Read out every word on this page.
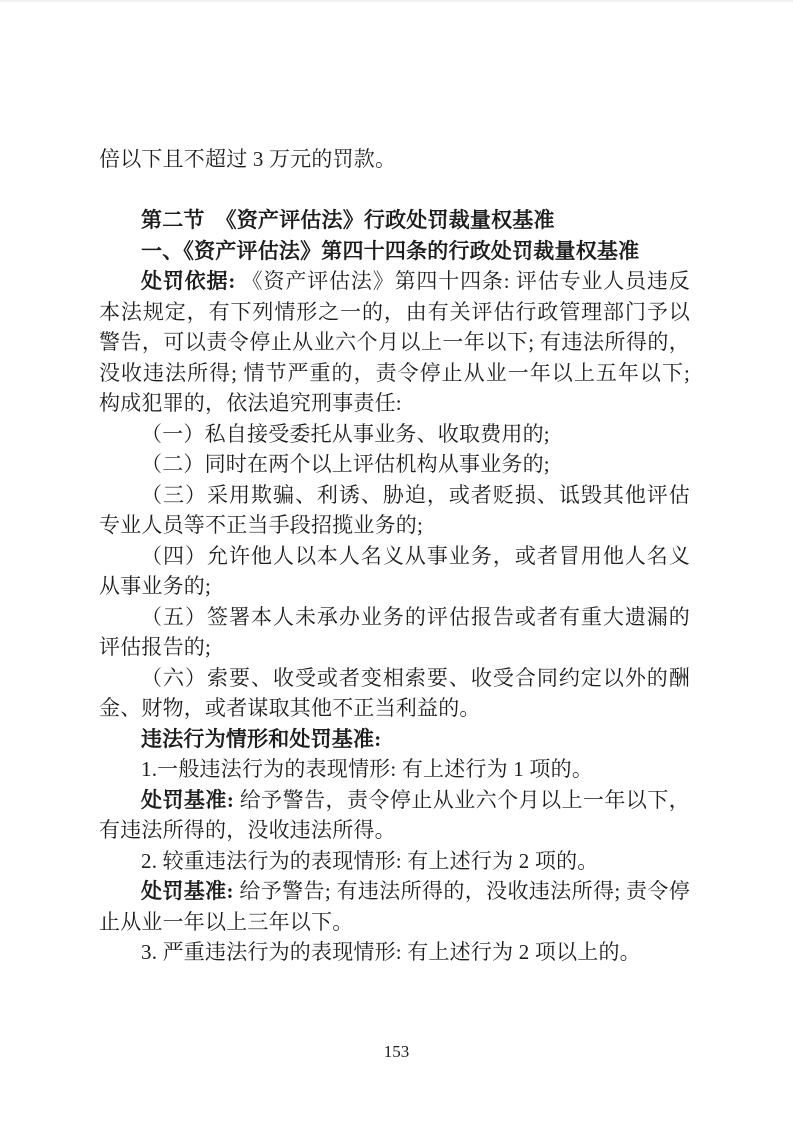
倍以下且不超过 3 万元的罚款。

第二节  《资产评估法》行政处罚裁量权基准

一、《资产评估法》第四十四条的行政处罚裁量权基准

处罚依据: 《资产评估法》第四十四条: 评估专业人员违反本法规定，有下列情形之一的，由有关评估行政管理部门予以警告，可以责令停止从业六个月以上一年以下; 有违法所得的，没收违法所得; 情节严重的，责令停止从业一年以上五年以下; 构成犯罪的，依法追究刑事责任:

（一）私自接受委托从事业务、收取费用的;

（二）同时在两个以上评估机构从事业务的;

（三）采用欺骗、利诱、胁迫，或者贬损、诋毁其他评估专业人员等不正当手段招揽业务的;

（四）允许他人以本人名义从事业务，或者冒用他人名义从事业务的;

（五）签署本人未承办业务的评估报告或者有重大遗漏的评估报告的;

（六）索要、收受或者变相索要、收受合同约定以外的酬金、财物，或者谋取其他不正当利益的。

违法行为情形和处罚基准:

1.一般违法行为的表现情形: 有上述行为 1 项的。

处罚基准: 给予警告，责令停止从业六个月以上一年以下，有违法所得的，没收违法所得。

2. 较重违法行为的表现情形: 有上述行为 2 项的。

处罚基准: 给予警告; 有违法所得的，没收违法所得; 责令停止从业一年以上三年以下。

3. 严重违法行为的表现情形: 有上述行为 2 项以上的。

153
